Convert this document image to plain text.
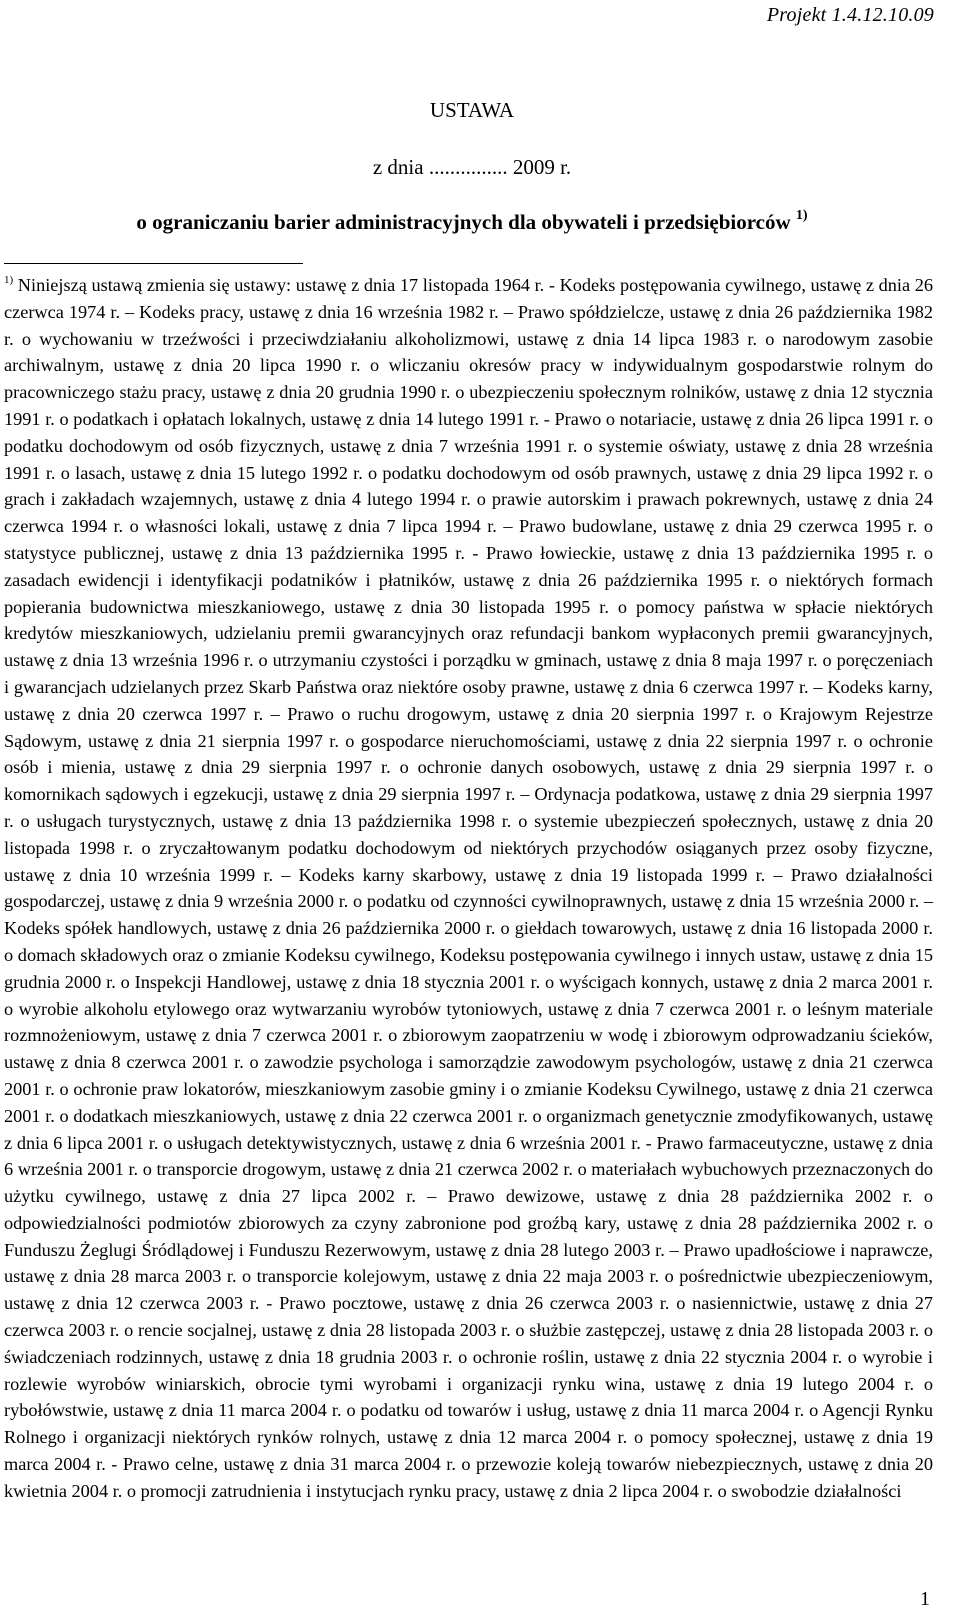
Projekt 1.4.12.10.09
USTAWA
z dnia ............... 2009 r.
o ograniczaniu barier administracyjnych dla obywateli i przedsiębiorców $^{1)}$
$^{1)}$ Niniejszą ustawą zmienia się ustawy: ustawę z dnia 17 listopada 1964 r. - Kodeks postępowania cywilnego, ustawę z dnia 26 czerwca 1974 r. – Kodeks pracy, ustawę z dnia 16 września 1982 r. – Prawo spółdzielcze, ustawę z dnia 26 października 1982 r. o wychowaniu w trzeźwości i przeciwdziałaniu alkoholizmowi, ustawę z dnia 14 lipca 1983 r. o narodowym zasobie archiwalnym, ustawę z dnia 20 lipca 1990 r. o wliczaniu okresów pracy w indywidualnym gospodarstwie rolnym do pracowniczego stażu pracy, ustawę z dnia 20 grudnia 1990 r. o ubezpieczeniu społecznym rolników, ustawę z dnia 12 stycznia 1991 r. o podatkach i opłatach lokalnych, ustawę z dnia 14 lutego 1991 r. - Prawo o notariacie, ustawę z dnia 26 lipca 1991 r. o podatku dochodowym od osób fizycznych, ustawę z dnia 7 września 1991 r. o systemie oświaty, ustawę z dnia 28 września 1991 r. o lasach, ustawę z dnia 15 lutego 1992 r. o podatku dochodowym od osób prawnych, ustawę z dnia 29 lipca 1992 r. o grach i zakładach wzajemnych, ustawę z dnia 4 lutego 1994 r. o prawie autorskim i prawach pokrewnych, ustawę z dnia 24 czerwca 1994 r. o własności lokali, ustawę z dnia 7 lipca 1994 r. – Prawo budowlane, ustawę z dnia 29 czerwca 1995 r. o statystyce publicznej, ustawę z dnia 13 października 1995 r. - Prawo łowieckie, ustawę z dnia 13 października 1995 r. o zasadach ewidencji i identyfikacji podatników i płatników, ustawę z dnia 26 października 1995 r. o niektórych formach popierania budownictwa mieszkaniowego, ustawę z dnia 30 listopada 1995 r. o pomocy państwa w spłacie niektórych kredytów mieszkaniowych, udzielaniu premii gwarancyjnych oraz refundacji bankom wypłaconych premii gwarancyjnych, ustawę z dnia 13 września 1996 r. o utrzymaniu czystości i porządku w gminach, ustawę z dnia 8 maja 1997 r. o poręczeniach i gwarancjach udzielanych przez Skarb Państwa oraz niektóre osoby prawne, ustawę z dnia 6 czerwca 1997 r. – Kodeks karny, ustawę z dnia 20 czerwca 1997 r. – Prawo o ruchu drogowym, ustawę z dnia 20 sierpnia 1997 r. o Krajowym Rejestrze Sądowym, ustawę z dnia 21 sierpnia 1997 r. o gospodarce nieruchomościami, ustawę z dnia 22 sierpnia 1997 r. o ochronie osób i mienia, ustawę z dnia 29 sierpnia 1997 r. o ochronie danych osobowych, ustawę z dnia 29 sierpnia 1997 r. o komornikach sądowych i egzekucji, ustawę z dnia 29 sierpnia 1997 r. – Ordynacja podatkowa, ustawę z dnia 29 sierpnia 1997 r. o usługach turystycznych, ustawę z dnia 13 października 1998 r. o systemie ubezpieczeń społecznych, ustawę z dnia 20 listopada 1998 r. o zryczałtowanym podatku dochodowym od niektórych przychodów osiąganych przez osoby fizyczne, ustawę z dnia 10 września 1999 r. – Kodeks karny skarbowy, ustawę z dnia 19 listopada 1999 r. – Prawo działalności gospodarczej, ustawę z dnia 9 września 2000 r. o podatku od czynności cywilnoprawnych, ustawę z dnia 15 września 2000 r. – Kodeks spółek handlowych, ustawę z dnia 26 października 2000 r. o giełdach towarowych, ustawę z dnia 16 listopada 2000 r. o domach składowych oraz o zmianie Kodeksu cywilnego, Kodeksu postępowania cywilnego i innych ustaw, ustawę z dnia 15 grudnia 2000 r. o Inspekcji Handlowej, ustawę z dnia 18 stycznia 2001 r. o wyścigach konnych, ustawę z dnia 2 marca 2001 r. o wyrobie alkoholu etylowego oraz wytwarzaniu wyrobów tytoniowych, ustawę z dnia 7 czerwca 2001 r. o leśnym materiale rozmnożeniowym, ustawę z dnia 7 czerwca 2001 r. o zbiorowym zaopatrzeniu w wodę i zbiorowym odprowadzaniu ścieków, ustawę z dnia 8 czerwca 2001 r. o zawodzie psychologa i samorządzie zawodowym psychologów, ustawę z dnia 21 czerwca 2001 r. o ochronie praw lokatorów, mieszkaniowym zasobie gminy i o zmianie Kodeksu Cywilnego, ustawę z dnia 21 czerwca 2001 r. o dodatkach mieszkaniowych, ustawę z dnia 22 czerwca 2001 r. o organizmach genetycznie zmodyfikowanych, ustawę z dnia 6 lipca 2001 r. o usługach detektywistycznych, ustawę z dnia 6 września 2001 r. - Prawo farmaceutyczne, ustawę z dnia 6 września 2001 r. o transporcie drogowym, ustawę z dnia 21 czerwca 2002 r. o materiałach wybuchowych przeznaczonych do użytku cywilnego, ustawę z dnia 27 lipca 2002 r. – Prawo dewizowe, ustawę z dnia 28 października 2002 r. o odpowiedzialności podmiotów zbiorowych za czyny zabronione pod groźbą kary, ustawę z dnia 28 października 2002 r. o Funduszu Żeglugi Śródlądowej i Funduszu Rezerwowym, ustawę z dnia 28 lutego 2003 r. – Prawo upadłościowe i naprawcze, ustawę z dnia 28 marca 2003 r. o transporcie kolejowym, ustawę z dnia 22 maja 2003 r. o pośrednictwie ubezpieczeniowym, ustawę z dnia 12 czerwca 2003 r. - Prawo pocztowe, ustawę z dnia 26 czerwca 2003 r. o nasiennictwie, ustawę z dnia 27 czerwca 2003 r. o rencie socjalnej, ustawę z dnia 28 listopada 2003 r. o służbie zastępczej, ustawę z dnia 28 listopada 2003 r. o świadczeniach rodzinnych, ustawę z dnia 18 grudnia 2003 r. o ochronie roślin, ustawę z dnia 22 stycznia 2004 r. o wyrobie i rozlewie wyrobów winiarskich, obrocie tymi wyrobami i organizacji rynku wina, ustawę z dnia 19 lutego 2004 r. o rybołówstwie, ustawę z dnia 11 marca 2004 r. o podatku od towarów i usług, ustawę z dnia 11 marca 2004 r. o Agencji Rynku Rolnego i organizacji niektórych rynków rolnych, ustawę z dnia 12 marca 2004 r. o pomocy społecznej, ustawę z dnia 19 marca 2004 r. - Prawo celne, ustawę z dnia 31 marca 2004 r. o przewozie koleją towarów niebezpiecznych, ustawę z dnia 20 kwietnia 2004 r. o promocji zatrudnienia i instytucjach rynku pracy, ustawę z dnia 2 lipca 2004 r. o swobodzie działalności
1
